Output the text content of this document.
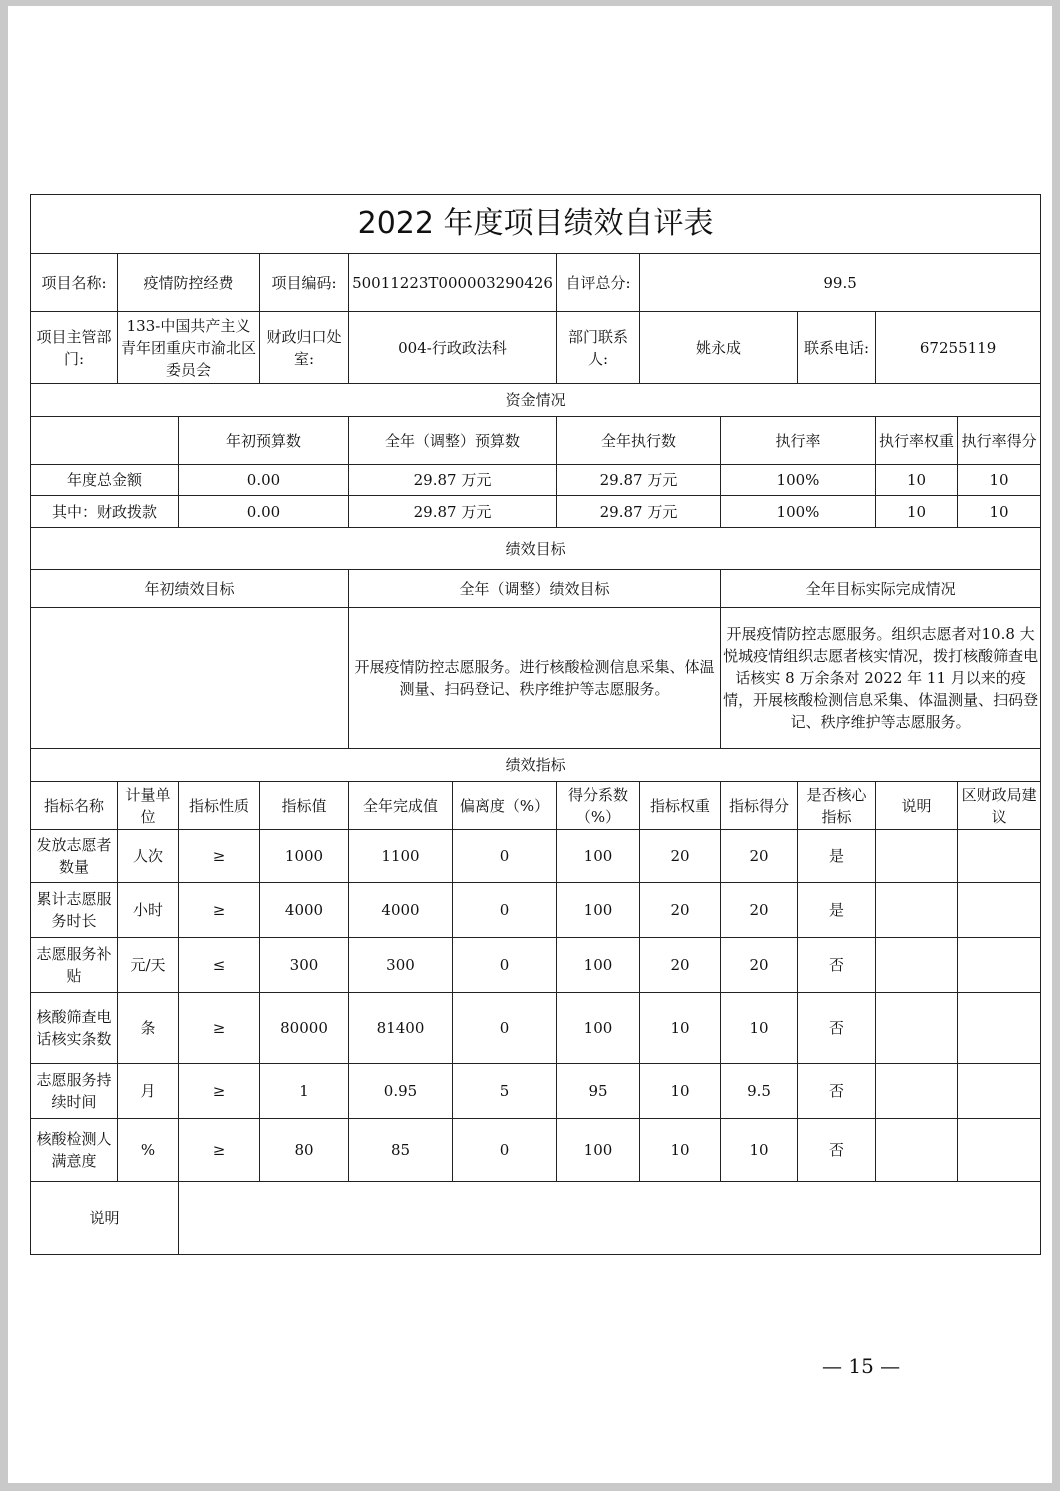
2022 年度项目绩效自评表											
项目名称:	疫情防控经费		项目编码:	50011223T000003290426		自评总分:	99.5				
项目主管部门:	133-中国共产主义青年团重庆市渝北区委员会		财政归口处室:	004-行政政法科		部门联系人:	姚永成		联系电话:	67255119	
资金情况											
		年初预算数		全年（调整）预算数		全年执行数		执行率		执行率权重	执行率得分
年度总金额		0.00		29.87 万元		29.87 万元		100%		10	10
其中：财政拨款		0.00		29.87 万元		29.87 万元		100%		10	10
绩效目标											
年初绩效目标				全年（调整）绩效目标				全年目标实际完成情况			
				开展疫情防控志愿服务。进行核酸检测信息采集、体温测量、扫码登记、秩序维护等志愿服务。				开展疫情防控志愿服务。组织志愿者对10.8 大悦城疫情组织志愿者核实情况，拨打核酸筛查电话核实 8 万余条对 2022 年 11 月以来的疫情，开展核酸检测信息采集、体温测量、扫码登记、秩序维护等志愿服务。			
绩效指标											
指标名称	计量单位	指标性质	指标值	全年完成值	偏离度（%）	得分系数（%）	指标权重	指标得分	是否核心指标	说明	区财政局建议
发放志愿者数量	人次	≥	1000	1100	0	100	20	20	是		
累计志愿服务时长	小时	≥	4000	4000	0	100	20	20	是		
志愿服务补贴	元/天	≤	300	300	0	100	20	20	否		
核酸筛查电话核实条数	条	≥	80000	81400	0	100	10	10	否		
志愿服务持续时间	月	≥	1	0.95	5	95	10	9.5	否		
核酸检测人满意度	%	≥	80	85	0	100	10	10	否		
说明											
— 15 —
